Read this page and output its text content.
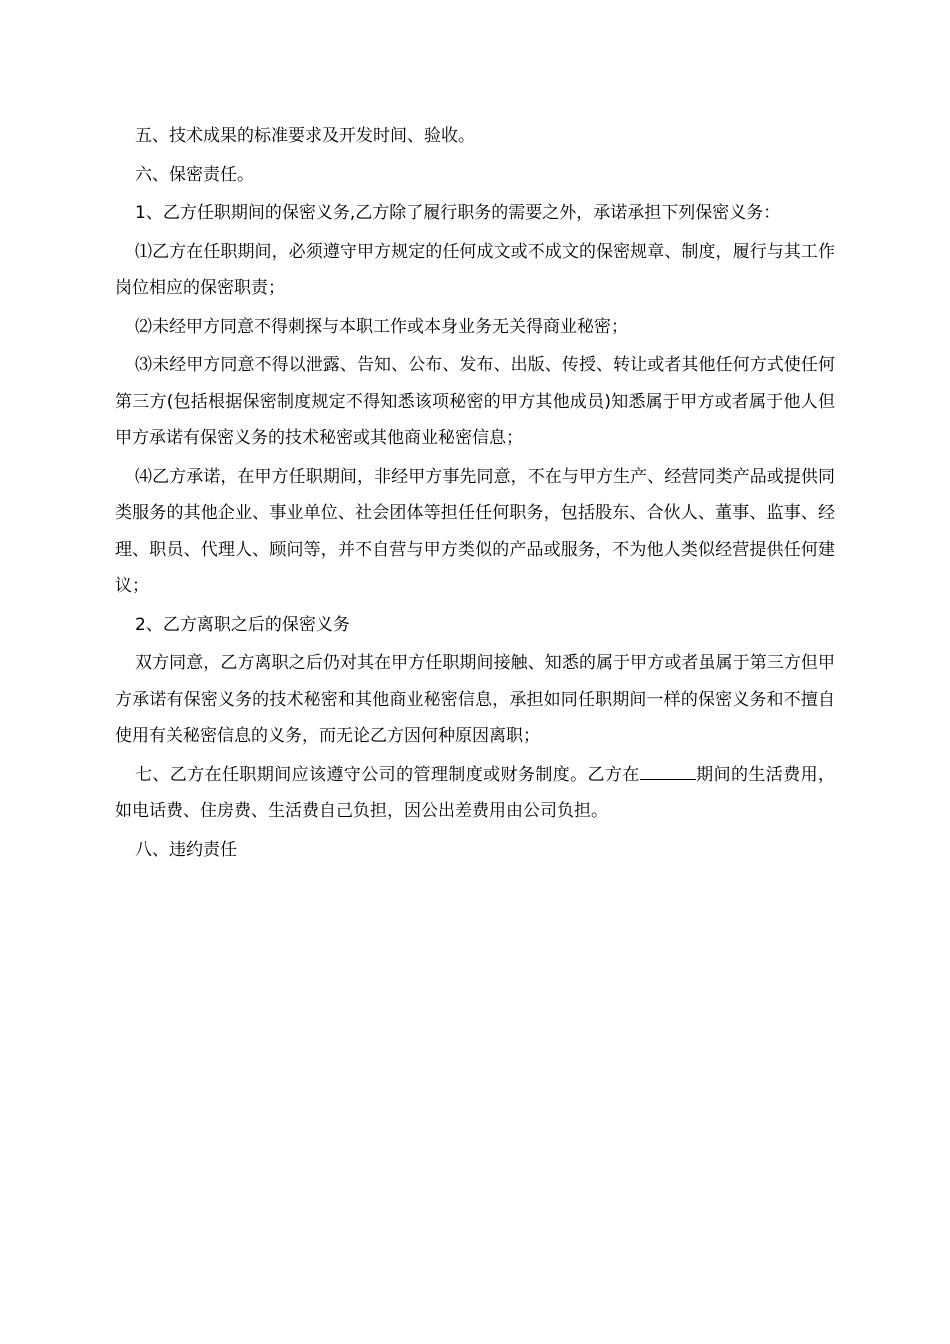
五、技术成果的标准要求及开发时间、验收。

六、保密责任。

1、乙方任职期间的保密义务,乙方除了履行职务的需要之外，承诺承担下列保密义务：

⑴乙方在任职期间，必须遵守甲方规定的任何成文或不成文的保密规章、制度，履行与其工作岗位相应的保密职责；

⑵未经甲方同意不得刺探与本职工作或本身业务无关得商业秘密；

⑶未经甲方同意不得以泄露、告知、公布、发布、出版、传授、转让或者其他任何方式使任何第三方(包括根据保密制度规定不得知悉该项秘密的甲方其他成员)知悉属于甲方或者属于他人但甲方承诺有保密义务的技术秘密或其他商业秘密信息；

⑷乙方承诺，在甲方任职期间，非经甲方事先同意，不在与甲方生产、经营同类产品或提供同类服务的其他企业、事业单位、社会团体等担任任何职务，包括股东、合伙人、董事、监事、经理、职员、代理人、顾问等，并不自营与甲方类似的产品或服务，不为他人类似经营提供任何建议；

2、乙方离职之后的保密义务

双方同意，乙方离职之后仍对其在甲方任职期间接触、知悉的属于甲方或者虽属于第三方但甲方承诺有保密义务的技术秘密和其他商业秘密信息，承担如同任职期间一样的保密义务和不擅自使用有关秘密信息的义务，而无论乙方因何种原因离职；

七、乙方在任职期间应该遵守公司的管理制度或财务制度。乙方在	期间的生活费用，如电话费、住房费、生活费自己负担，因公出差费用由公司负担。

八、违约责任
